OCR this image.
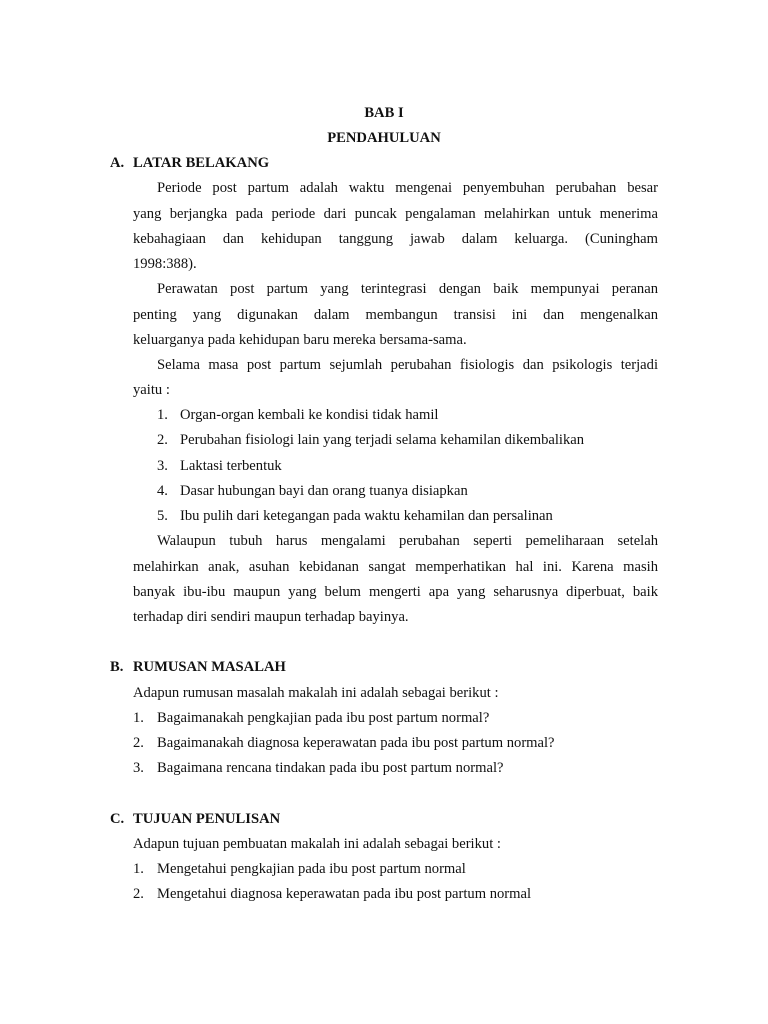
BAB I
PENDAHULUAN
A. LATAR BELAKANG
Periode post partum adalah waktu mengenai penyembuhan perubahan besar
yang berjangka pada periode dari puncak pengalaman melahirkan untuk menerima
kebahagiaan dan kehidupan tanggung jawab dalam keluarga. (Cuningham
1998:388).
Perawatan post partum yang terintegrasi dengan baik mempunyai peranan
penting yang digunakan dalam membangun transisi ini dan mengenalkan
keluarganya pada kehidupan baru mereka bersama-sama.
Selama masa post partum sejumlah perubahan fisiologis dan psikologis terjadi
yaitu :
1. Organ-organ kembali ke kondisi tidak hamil
2. Perubahan fisiologi lain yang terjadi selama kehamilan dikembalikan
3. Laktasi terbentuk
4. Dasar hubungan bayi dan orang tuanya disiapkan
5. Ibu pulih dari ketegangan pada waktu kehamilan dan persalinan
Walaupun tubuh harus mengalami perubahan seperti pemeliharaan setelah
melahirkan anak, asuhan kebidanan sangat memperhatikan hal ini. Karena masih
banyak ibu-ibu maupun yang belum mengerti apa yang seharusnya diperbuat, baik
terhadap diri sendiri maupun terhadap bayinya.
B. RUMUSAN MASALAH
Adapun rumusan masalah makalah ini adalah sebagai berikut :
1. Bagaimanakah pengkajian pada ibu post partum normal?
2. Bagaimanakah diagnosa keperawatan pada ibu post partum normal?
3. Bagaimana rencana tindakan pada ibu post partum normal?
C. TUJUAN PENULISAN
Adapun tujuan pembuatan makalah ini adalah sebagai berikut :
1. Mengetahui pengkajian pada ibu post partum normal
2. Mengetahui diagnosa keperawatan pada ibu post partum normal
